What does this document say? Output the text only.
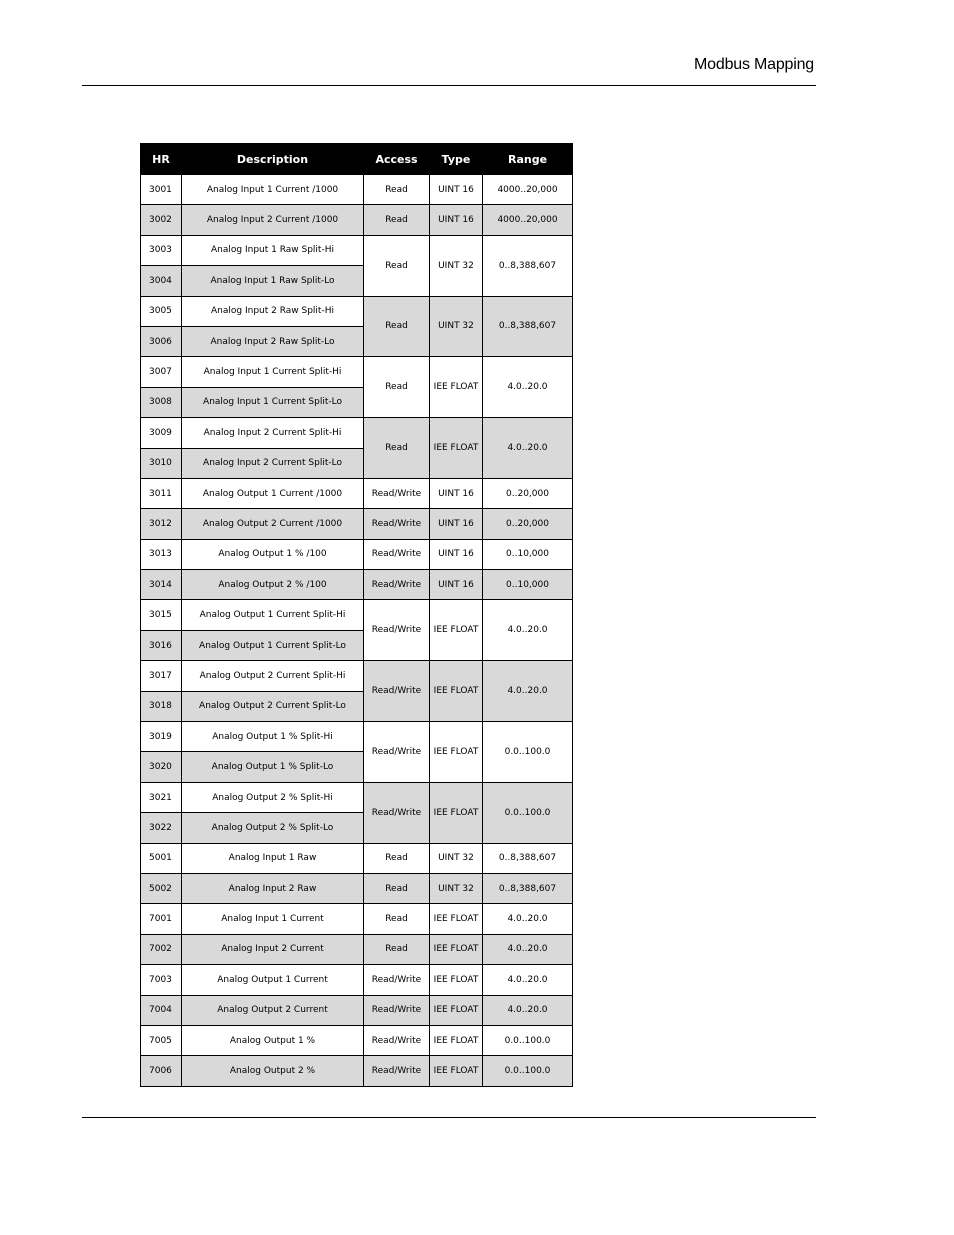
Modbus Mapping
HR	Description	Access	Type	Range
3001	Analog Input 1 Current /1000	Read	UINT 16	4000..20,000
3002	Analog Input 2 Current /1000	Read	UINT 16	4000..20,000
3003	Analog Input 1 Raw Split-Hi	Read	UINT 32	0..8,388,607
3004	Analog Input 1 Raw Split-Lo			
3005	Analog Input 2 Raw Split-Hi	Read	UINT 32	0..8,388,607
3006	Analog Input 2 Raw Split-Lo			
3007	Analog Input 1 Current Split-Hi	Read	IEE FLOAT	4.0..20.0
3008	Analog Input 1 Current Split-Lo			
3009	Analog Input 2 Current Split-Hi	Read	IEE FLOAT	4.0..20.0
3010	Analog Input 2 Current Split-Lo			
3011	Analog Output 1 Current /1000	Read/Write	UINT 16	0..20,000
3012	Analog Output 2 Current /1000	Read/Write	UINT 16	0..20,000
3013	Analog Output 1 % /100	Read/Write	UINT 16	0..10,000
3014	Analog Output 2 % /100	Read/Write	UINT 16	0..10,000
3015	Analog Output 1 Current Split-Hi	Read/Write	IEE FLOAT	4.0..20.0
3016	Analog Output 1 Current Split-Lo			
3017	Analog Output 2 Current Split-Hi	Read/Write	IEE FLOAT	4.0..20.0
3018	Analog Output 2 Current Split-Lo			
3019	Analog Output 1 % Split-Hi	Read/Write	IEE FLOAT	0.0..100.0
3020	Analog Output 1 % Split-Lo			
3021	Analog Output 2 % Split-Hi	Read/Write	IEE FLOAT	0.0..100.0
3022	Analog Output 2 % Split-Lo			
5001	Analog Input 1 Raw	Read	UINT 32	0..8,388,607
5002	Analog Input 2 Raw	Read	UINT 32	0..8,388,607
7001	Analog Input 1 Current	Read	IEE FLOAT	4.0..20.0
7002	Analog Input 2 Current	Read	IEE FLOAT	4.0..20.0
7003	Analog Output 1 Current	Read/Write	IEE FLOAT	4.0..20.0
7004	Analog Output 2 Current	Read/Write	IEE FLOAT	4.0..20.0
7005	Analog Output 1 %	Read/Write	IEE FLOAT	0.0..100.0
7006	Analog Output 2 %	Read/Write	IEE FLOAT	0.0..100.0
